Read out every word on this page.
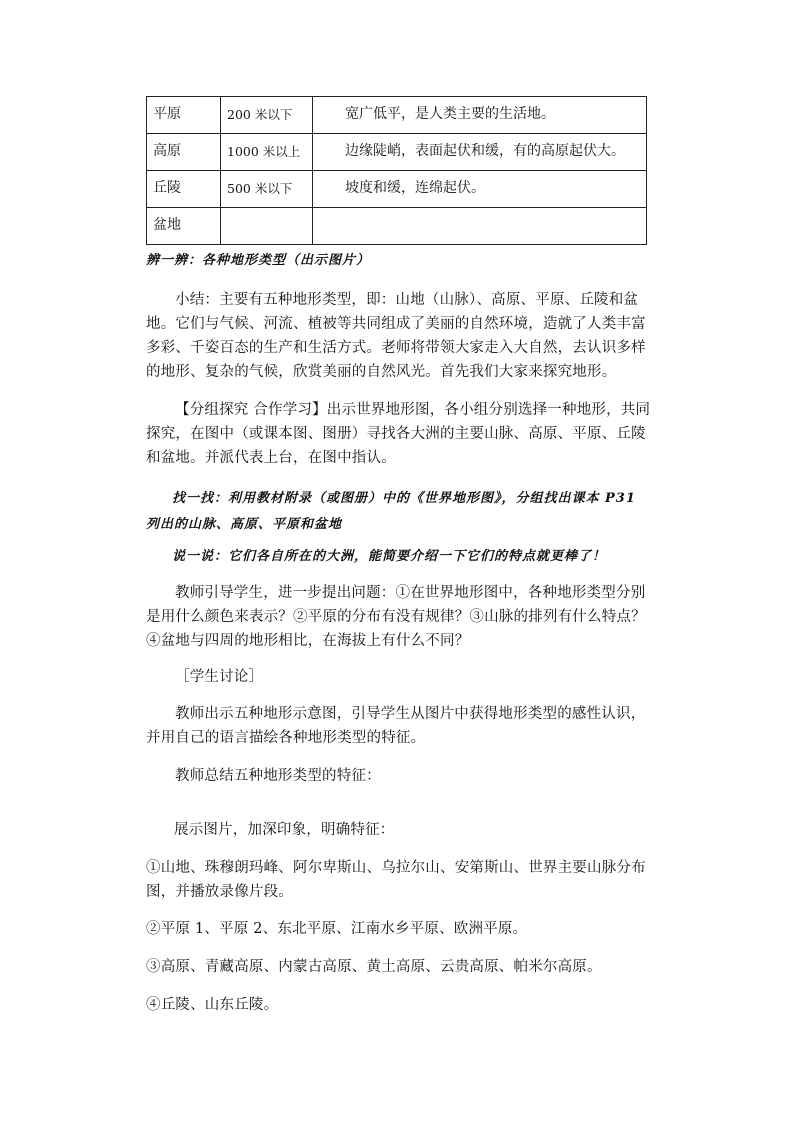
平原	200 米以下	宽广低平，是人类主要的生活地。
高原	1000 米以上	边缘陡峭，表面起伏和缓，有的高原起伏大。
丘陵	500 米以下	坡度和缓，连绵起伏。
盆地		
辨一辨：各种地形类型（出示图片）
小结：主要有五种地形类型，即：山地（山脉）、高原、平原、丘陵和盆地。它们与气候、河流、植被等共同组成了美丽的自然环境，造就了人类丰富多彩、千姿百态的生产和生活方式。老师将带领大家走入大自然，去认识多样的地形、复杂的气候，欣赏美丽的自然风光。首先我们大家来探究地形。
【分组探究 合作学习】出示世界地形图，各小组分别选择一种地形，共同探究，在图中（或课本图、图册）寻找各大洲的主要山脉、高原、平原、丘陵和盆地。并派代表上台，在图中指认。
找一找：利用教材附录（或图册）中的《世界地形图》，分组找出课本 P31 列出的山脉、高原、平原和盆地
说一说：它们各自所在的大洲，能简要介绍一下它们的特点就更棒了！
教师引导学生，进一步提出问题：①在世界地形图中，各种地形类型分别是用什么颜色来表示？②平原的分布有没有规律？③山脉的排列有什么特点？④盆地与四周的地形相比，在海拔上有什么不同？
［学生讨论］
教师出示五种地形示意图，引导学生从图片中获得地形类型的感性认识，并用自己的语言描绘各种地形类型的特征。
教师总结五种地形类型的特征：
展示图片，加深印象，明确特征：
①山地、珠穆朗玛峰、阿尔卑斯山、乌拉尔山、安第斯山、世界主要山脉分布图，并播放录像片段。
②平原 1、平原 2、东北平原、江南水乡平原、欧洲平原。
③高原、青藏高原、内蒙古高原、黄土高原、云贵高原、帕米尔高原。
④丘陵、山东丘陵。
